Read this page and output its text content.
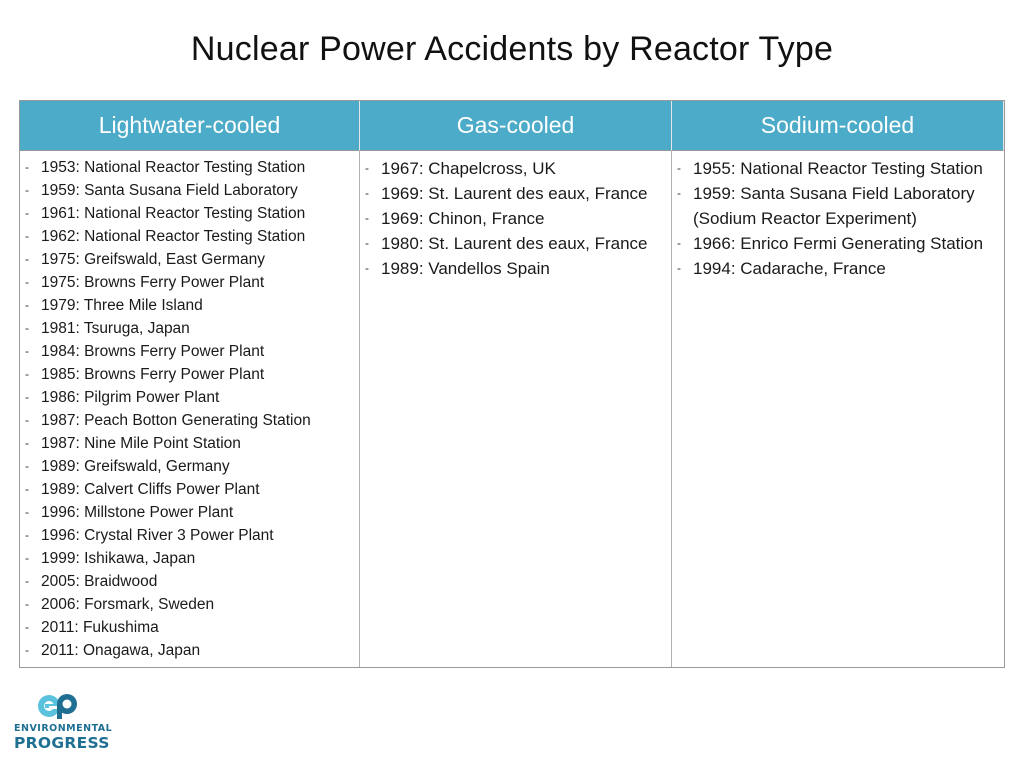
Nuclear Power Accidents by Reactor Type
Lightwater-cooled	Gas-cooled	Sodium-cooled
- 1953: National Reactor Testing Station
- 1959: Santa Susana Field Laboratory
- 1961: National Reactor Testing Station
- 1962: National Reactor Testing Station
- 1975: Greifswald, East Germany
- 1975: Browns Ferry Power Plant
- 1979: Three Mile Island
- 1981: Tsuruga, Japan
- 1984: Browns Ferry Power Plant
- 1985: Browns Ferry Power Plant
- 1986: Pilgrim Power Plant
- 1987: Peach Botton Generating Station
- 1987: Nine Mile Point Station
- 1989: Greifswald, Germany
- 1989: Calvert Cliffs Power Plant
- 1996: Millstone Power Plant
- 1996: Crystal River 3 Power Plant
- 1999: Ishikawa, Japan
- 2005: Braidwood
- 2006: Forsmark, Sweden
- 2011: Fukushima
- 2011: Onagawa, Japan
- 1967: Chapelcross, UK
- 1969: St. Laurent des eaux, France
- 1969: Chinon, France
- 1980: St. Laurent des eaux, France
- 1989: Vandellos Spain
- 1955: National Reactor Testing Station
- 1959: Santa Susana Field Laboratory (Sodium Reactor Experiment)
- 1966: Enrico Fermi Generating Station
- 1994: Cadarache, France
ENVIRONMENTAL
PROGRESS
